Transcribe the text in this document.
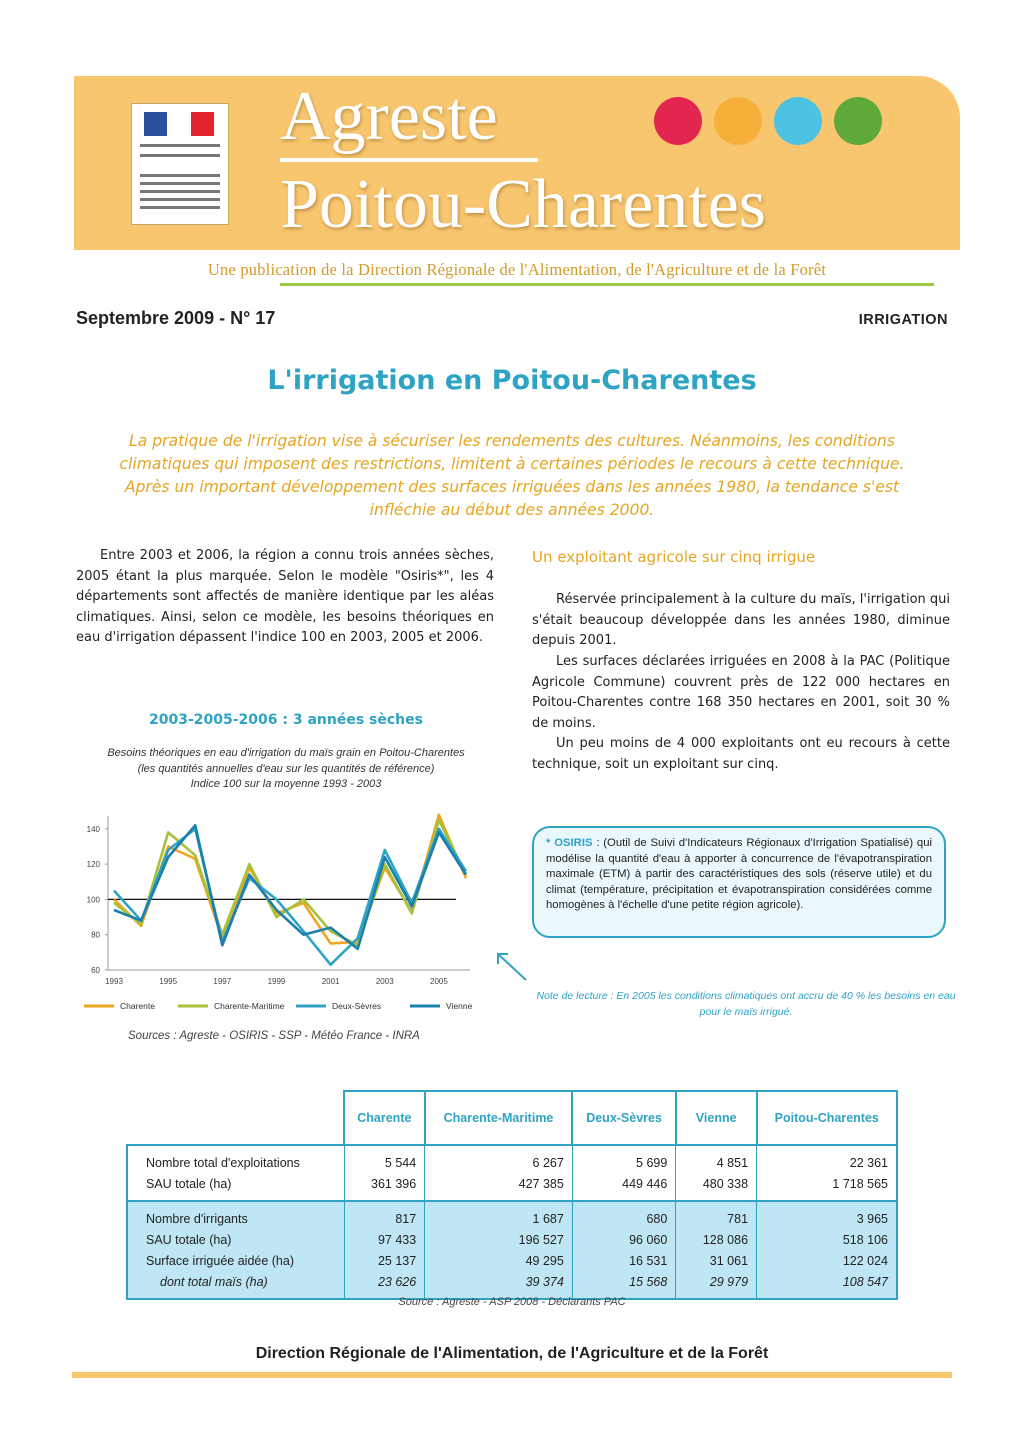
Agreste
Poitou-Charentes
Une publication de la Direction Régionale de l'Alimentation, de l'Agriculture et de la Forêt
Septembre 2009 - N° 17	IRRIGATION
L'irrigation en Poitou-Charentes
La pratique de l'irrigation vise à sécuriser les rendements des cultures. Néanmoins, les conditions climatiques qui imposent des restrictions, limitent à certaines périodes le recours à cette technique. Après un important développement des surfaces irriguées dans les années 1980, la tendance s'est infléchie au début des années 2000.
Entre 2003 et 2006, la région a connu trois années sèches, 2005 étant la plus marquée. Selon le modèle "Osiris*", les 4 départements sont affectés de manière identique par les aléas climatiques. Ainsi, selon ce modèle, les besoins théoriques en eau d'irrigation dépassent l'indice 100 en 2003, 2005 et 2006.
Un exploitant agricole sur cinq irrigue
Réservée principalement à la culture du maïs, l'irrigation qui s'était beaucoup développée dans les années 1980, diminue depuis 2001.
Les surfaces déclarées irriguées en 2008 à la PAC (Politique Agricole Commune) couvrent près de 122 000 hectares en Poitou-Charentes contre 168 350 hectares en 2001, soit 30 % de moins.
Un peu moins de 4 000 exploitants ont eu recours à cette technique, soit un exploitant sur cinq.
2003-2005-2006 : 3 années sèches
Besoins théoriques en eau d'irrigation du maïs grain en Poitou-Charentes
(les quantités annuelles d'eau sur les quantités de référence)
Indice 100 sur la moyenne 1993 - 2003
60
80
100
120
140
1993	1995	1997	1999	2001	2003	2005
Charente	Charente-Maritime	Deux-Sèvres	Vienne
Sources : Agreste - OSIRIS - SSP - Météo France - INRA
* OSIRIS : (Outil de Suivi d'Indicateurs Régionaux d'Irrigation Spatialisé) qui modélise la quantité d'eau à apporter à concurrence de l'évapotranspiration maximale (ETM) à partir des caractéristiques des sols (réserve utile) et du climat (température, précipitation et évapotranspiration considérées comme homogènes à l'échelle d'une petite région agricole).
Note de lecture : En 2005 les conditions climatiques ont accru de 40 % les besoins en eau pour le maïs irrigué.
	Charente	Charente-Maritime	Deux-Sèvres	Vienne	Poitou-Charentes
Nombre total d'exploitations	5 544	6 267	5 699	4 851	22 361
SAU totale (ha)	361 396	427 385	449 446	480 338	1 718 565
Nombre d'irrigants	817	1 687	680	781	3 965
SAU totale (ha)	97 433	196 527	96 060	128 086	518 106
Surface irriguée aidée (ha)	25 137	49 295	16 531	31 061	122 024
dont total maïs (ha)	23 626	39 374	15 568	29 979	108 547
Source : Agreste - ASP 2008 - Déclarants PAC
Direction Régionale de l'Alimentation, de l'Agriculture et de la Forêt
